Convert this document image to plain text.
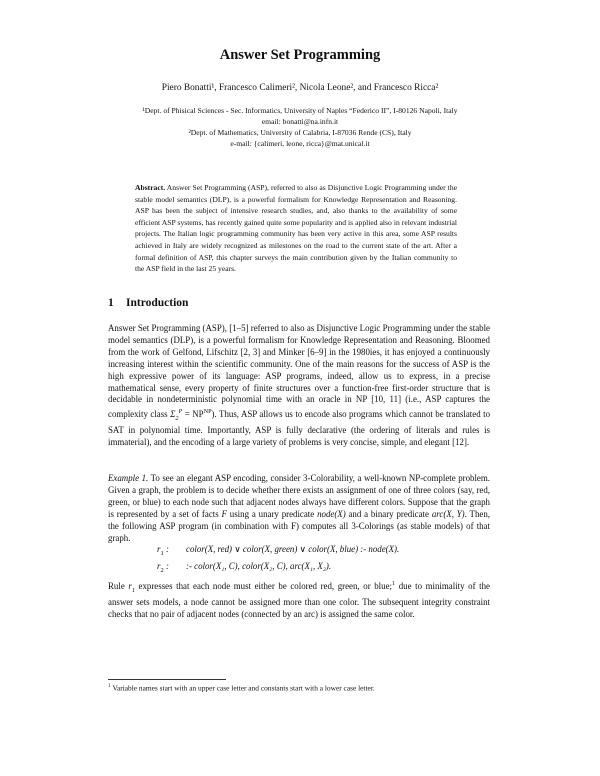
Answer Set Programming
Piero Bonatti¹, Francesco Calimeri², Nicola Leone², and Francesco Ricca²
¹Dept. of Phisical Sciences - Sec. Informatics, University of Naples “Federico II”, I-80126 Napoli, Italy
email: bonatti@na.infn.it
²Dept. of Mathematics, University of Calabria, I-87036 Rende (CS), Italy
e-mail: {calimeri, leone, ricca}@mat.unical.it

Abstract. Answer Set Programming (ASP), referred to also as Disjunctive Logic Programming under the stable model semantics (DLP), is a powerful formalism for Knowledge Representation and Reasoning. ASP has been the subject of intensive research studies, and, also thanks to the availability of some efficient ASP systems, has recently gained quite some popularity and is applied also in relevant industrial projects. The Italian logic programming community has been very active in this area, some ASP results achieved in Italy are widely recognized as milestones on the road to the current state of the art. After a formal definition of ASP, this chapter surveys the main contribution given by the Italian community to the ASP field in the last 25 years.

1 Introduction

Answer Set Programming (ASP), [1–5] referred to also as Disjunctive Logic Programming under the stable model semantics (DLP), is a powerful formalism for Knowledge Representation and Reasoning. Bloomed from the work of Gelfond, Lifschitz [2, 3] and Minker [6–9] in the 1980ies, it has enjoyed a continuously increasing interest within the scientific community. One of the main reasons for the success of ASP is the high expressive power of its language: ASP programs, indeed, allow us to express, in a precise mathematical sense, every property of finite structures over a function-free first-order structure that is decidable in nondeterministic polynomial time with an oracle in NP [10, 11] (i.e., ASP captures the complexity class $\Sigma_2^P = NP^{NP}$). Thus, ASP allows us to encode also programs which cannot be translated to SAT in polynomial time. Importantly, ASP is fully declarative (the ordering of literals and rules is immaterial), and the encoding of a large variety of problems is very concise, simple, and elegant [12].

Example 1. To see an elegant ASP encoding, consider 3-Colorability, a well-known NP-complete problem. Given a graph, the problem is to decide whether there exists an assignment of one of three colors (say, red, green, or blue) to each node such that adjacent nodes always have different colors. Suppose that the graph is represented by a set of facts F using a unary predicate node(X) and a binary predicate arc(X, Y). Then, the following ASP program (in combination with F) computes all 3-Colorings (as stable models) of that graph.

$r_1$ :	color(X, red) ∨ color(X, green) ∨ color(X, blue) :- node(X).
$r_2$ :	:- color(X₁, C), color(X₂, C), arc(X₁, X₂).

Rule $r_1$ expresses that each node must either be colored red, green, or blue;$^1$ due to minimality of the answer sets models, a node cannot be assigned more than one color. The subsequent integrity constraint checks that no pair of adjacent nodes (connected by an arc) is assigned the same color.

$^1$ Variable names start with an upper case letter and constants start with a lower case letter.
